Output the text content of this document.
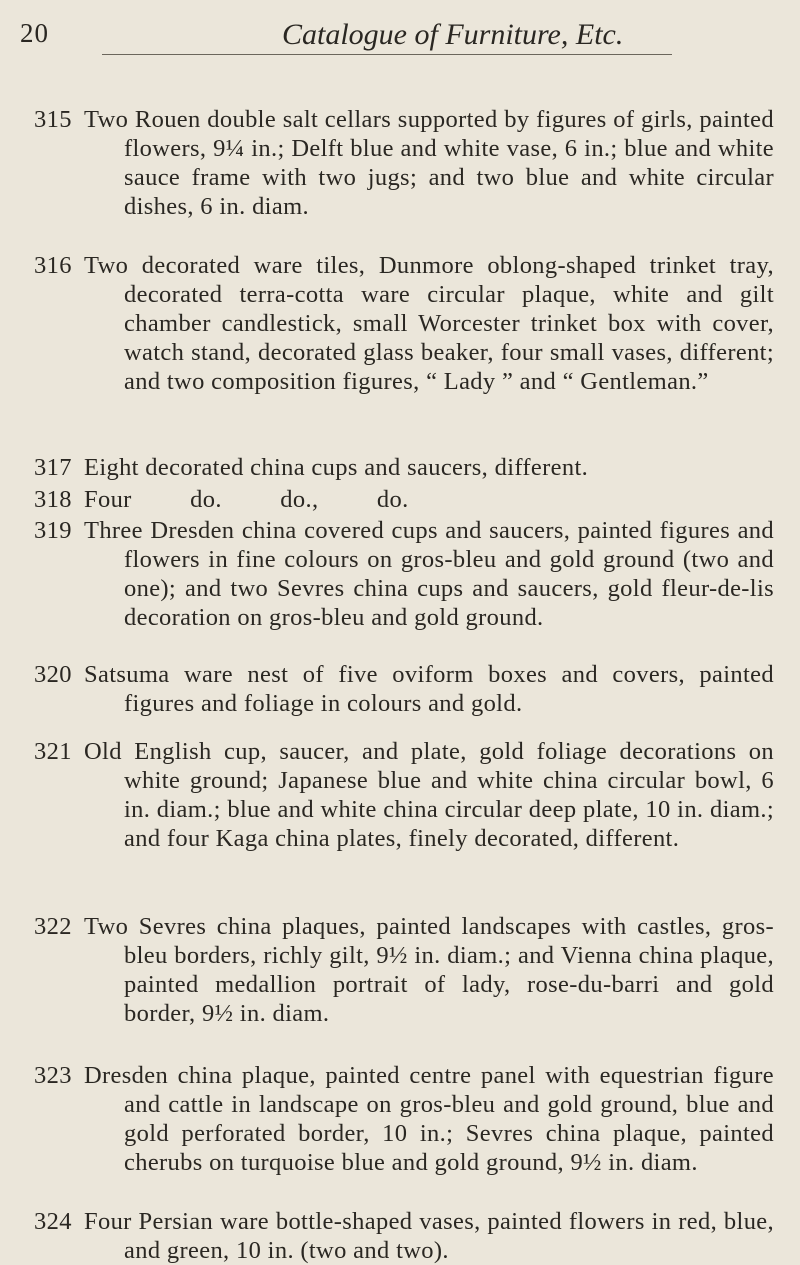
20	Catalogue of Furniture, Etc.
315 Two Rouen double salt cellars supported by figures of girls, painted flowers, 9¼ in.; Delft blue and white vase, 6 in.; blue and white sauce frame with two jugs; and two blue and white circular dishes, 6 in. diam.
316 Two decorated ware tiles, Dunmore oblong-shaped trinket tray, decorated terra-cotta ware circular plaque, white and gilt chamber candlestick, small Worcester trinket box with cover, watch stand, decorated glass beaker, four small vases, different; and two composition figures, “ Lady ” and “ Gentleman.”
317 Eight decorated china cups and saucers, different.
318 Four do. do., do.
319 Three Dresden china covered cups and saucers, painted figures and flowers in fine colours on gros-bleu and gold ground (two and one); and two Sevres china cups and saucers, gold fleur-de-lis decoration on gros-bleu and gold ground.
320 Satsuma ware nest of five oviform boxes and covers, painted figures and foliage in colours and gold.
321 Old English cup, saucer, and plate, gold foliage decorations on white ground; Japanese blue and white china circular bowl, 6 in. diam.; blue and white china circular deep plate, 10 in. diam.; and four Kaga china plates, finely decorated, different.
322 Two Sevres china plaques, painted landscapes with castles, gros-bleu borders, richly gilt, 9½ in. diam.; and Vienna china plaque, painted medallion portrait of lady, rose-du-barri and gold border, 9½ in. diam.
323 Dresden china plaque, painted centre panel with equestrian figure and cattle in landscape on gros-bleu and gold ground, blue and gold perforated border, 10 in.; Sevres china plaque, painted cherubs on turquoise blue and gold ground, 9½ in. diam.
324 Four Persian ware bottle-shaped vases, painted flowers in red, blue, and green, 10 in. (two and two).
